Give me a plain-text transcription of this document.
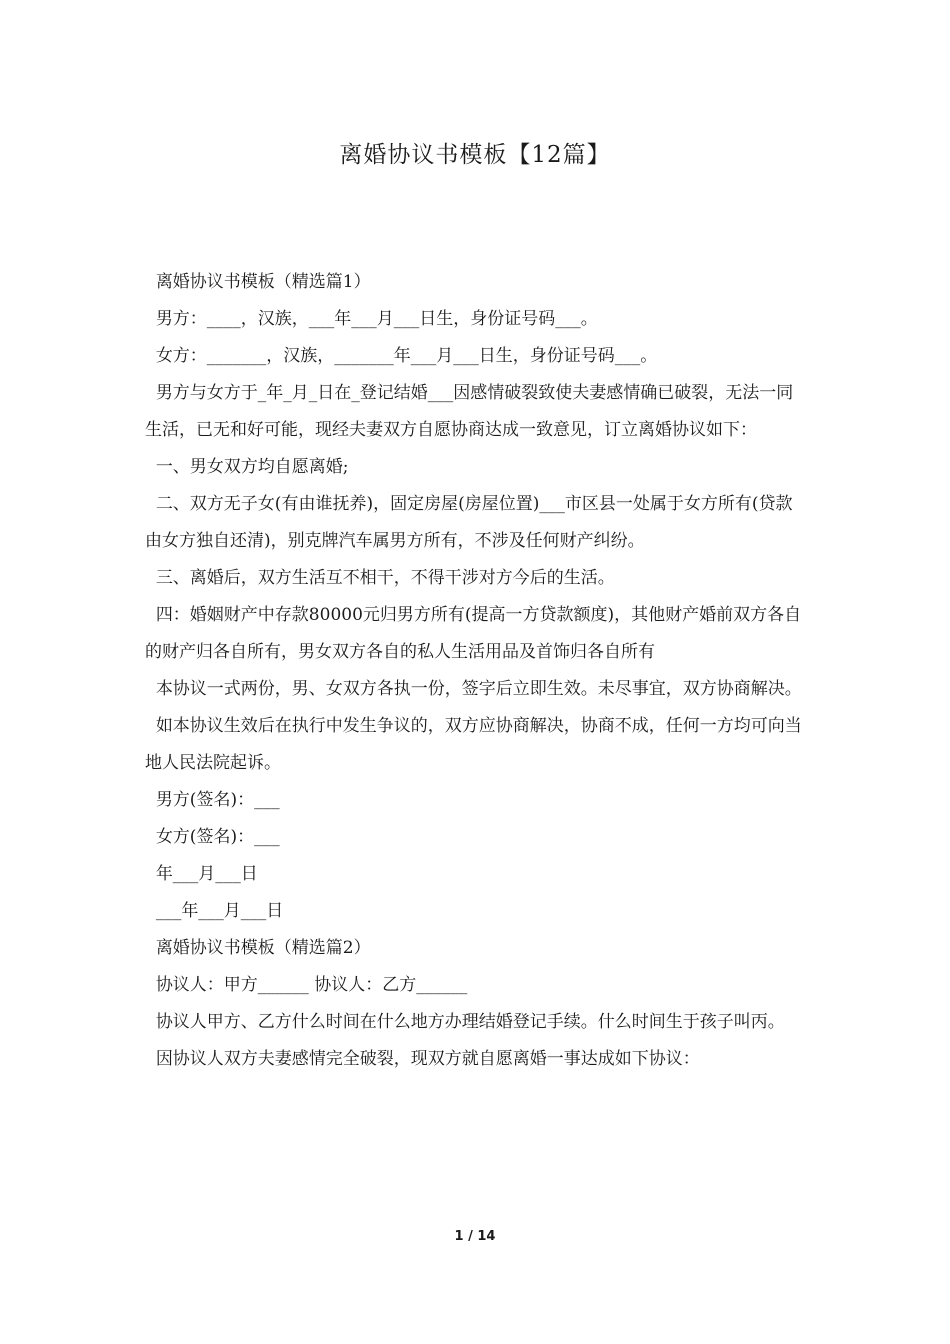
离婚协议书模板【12篇】

离婚协议书模板（精选篇1）

男方：____，汉族，___年___月___日生，身份证号码___。

女方：_______，汉族，_______年___月___日生，身份证号码___。

男方与女方于_年_月_日在_登记结婚___因感情破裂致使夫妻感情确已破裂，无法一同生活，已无和好可能，现经夫妻双方自愿协商达成一致意见，订立离婚协议如下：

一、男女双方均自愿离婚;

二、双方无子女(有由谁抚养)，固定房屋(房屋位置)___市区县一处属于女方所有(贷款由女方独自还清)，别克牌汽车属男方所有，不涉及任何财产纠纷。

三、离婚后，双方生活互不相干，不得干涉对方今后的生活。

四：婚姻财产中存款80000元归男方所有(提高一方贷款额度)，其他财产婚前双方各自的财产归各自所有，男女双方各自的私人生活用品及首饰归各自所有

本协议一式两份，男、女双方各执一份，签字后立即生效。未尽事宜，双方协商解决。

如本协议生效后在执行中发生争议的，双方应协商解决，协商不成，任何一方均可向当地人民法院起诉。

男方(签名)：___

女方(签名)：___

年___月___日

___年___月___日

离婚协议书模板（精选篇2）

协议人：甲方______ 协议人：乙方______

协议人甲方、乙方什么时间在什么地方办理结婚登记手续。什么时间生于孩子叫丙。

因协议人双方夫妻感情完全破裂，现双方就自愿离婚一事达成如下协议：

1 / 14
